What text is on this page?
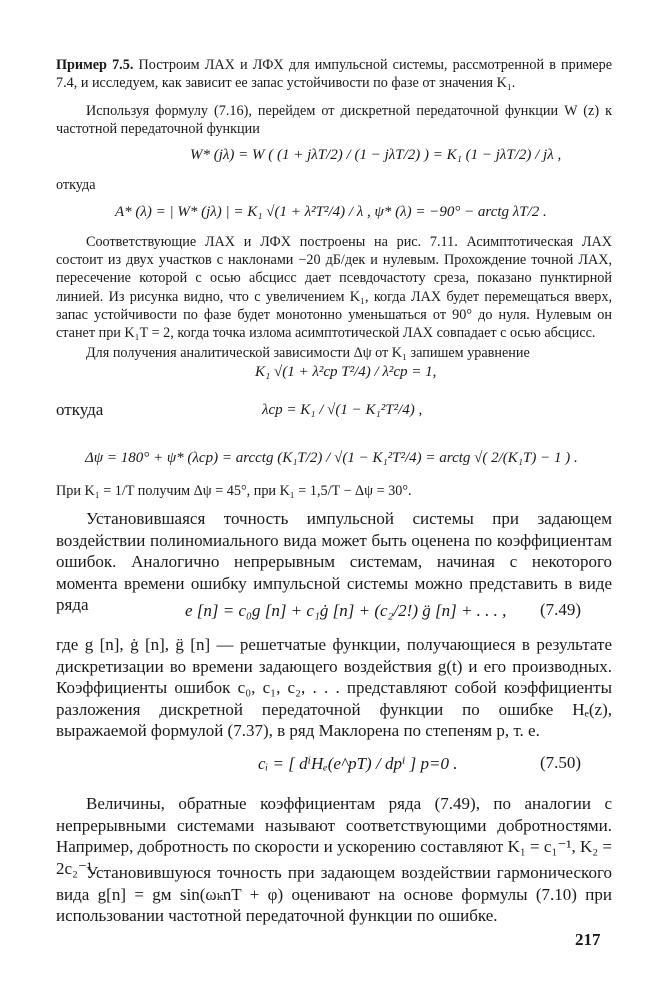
Пример 7.5. Построим ЛАХ и ЛФХ для импульсной системы, рассмотренной в примере 7.4, и исследуем, как зависит ее запас устойчивости по фазе от значения K₁.

Используя формулу (7.16), перейдем от дискретной передаточной функции W (z) к частотной передаточной функции

W* (jλ) = W ( (1 + jλT/2) / (1 − jλT/2) ) = K₁ (1 − jλT/2) / jλ ,
откуда
A* (λ) = | W* (jλ) | = K₁ √(1 + λ²T²/4) / λ , ψ* (λ) = −90° − arctg λT/2 .

Соответствующие ЛАХ и ЛФХ построены на рис. 7.11. Асимптотическая ЛАХ состоит из двух участков с наклонами −20 дБ/дек и нулевым. Прохождение точной ЛАХ, пересечение которой с осью абсцисс дает псевдочастоту среза, показано пунктирной линией. Из рисунка видно, что с увеличением K₁, когда ЛАХ будет перемещаться вверх, запас устойчивости по фазе будет монотонно уменьшаться от 90° до нуля. Нулевым он станет при K₁T = 2, когда точка излома асимптотической ЛАХ совпадает с осью абсцисс.

Для получения аналитической зависимости Δψ от K₁ запишем уравнение

K₁ √(1 + λ²ср T²/4) / λ²ср = 1,
откуда	λср = K₁ / √(1 − K₁²T²/4) ,
Δψ = 180° + ψ* (λср) = arcctg (K₁T/2) / √(1 − K₁²T²/4) = arctg √( 2/(K₁T) − 1 ) .
При K₁ = 1/T получим Δψ = 45°, при K₁ = 1,5/T − Δψ = 30°.

Установившаяся точность импульсной системы при задающем воздействии полиномиального вида может быть оценена по коэффициентам ошибок. Аналогично непрерывным системам, начиная с некоторого момента времени ошибку импульсной системы можно представить в виде ряда	e [n] = c₀g [n] + c₁ġ [n] + (c₂/2!) g̈ [n] + . . . , (7.49)

где g [n], ġ [n], g̈ [n] — решетчатые функции, получающиеся в результате дискретизации во времени задающего воздействия g(t) и его производных. Коэффициенты ошибок c₀, c₁, c₂, . . . представляют собой коэффициенты разложения дискретной передаточной функции по ошибке Hₑ(z), выражаемой формулой (7.37), в ряд Маклорена по степеням p, т. е.

cᵢ = [ dⁱHₑ(e^pT) / dpⁱ ] p=0 .	(7.50)

Величины, обратные коэффициентам ряда (7.49), по аналогии с непрерывными системами называют соответствующими добротностями. Например, добротность по скорости и ускорению составляют K₁ = c₁⁻¹, K₂ = 2c₂⁻¹.

Установившуюся точность при задающем воздействии гармонического вида g[n] = gм sin(ωₖnT + φ) оценивают на основе формулы (7.10) при использовании частотной передаточной функции по ошибке.

217
